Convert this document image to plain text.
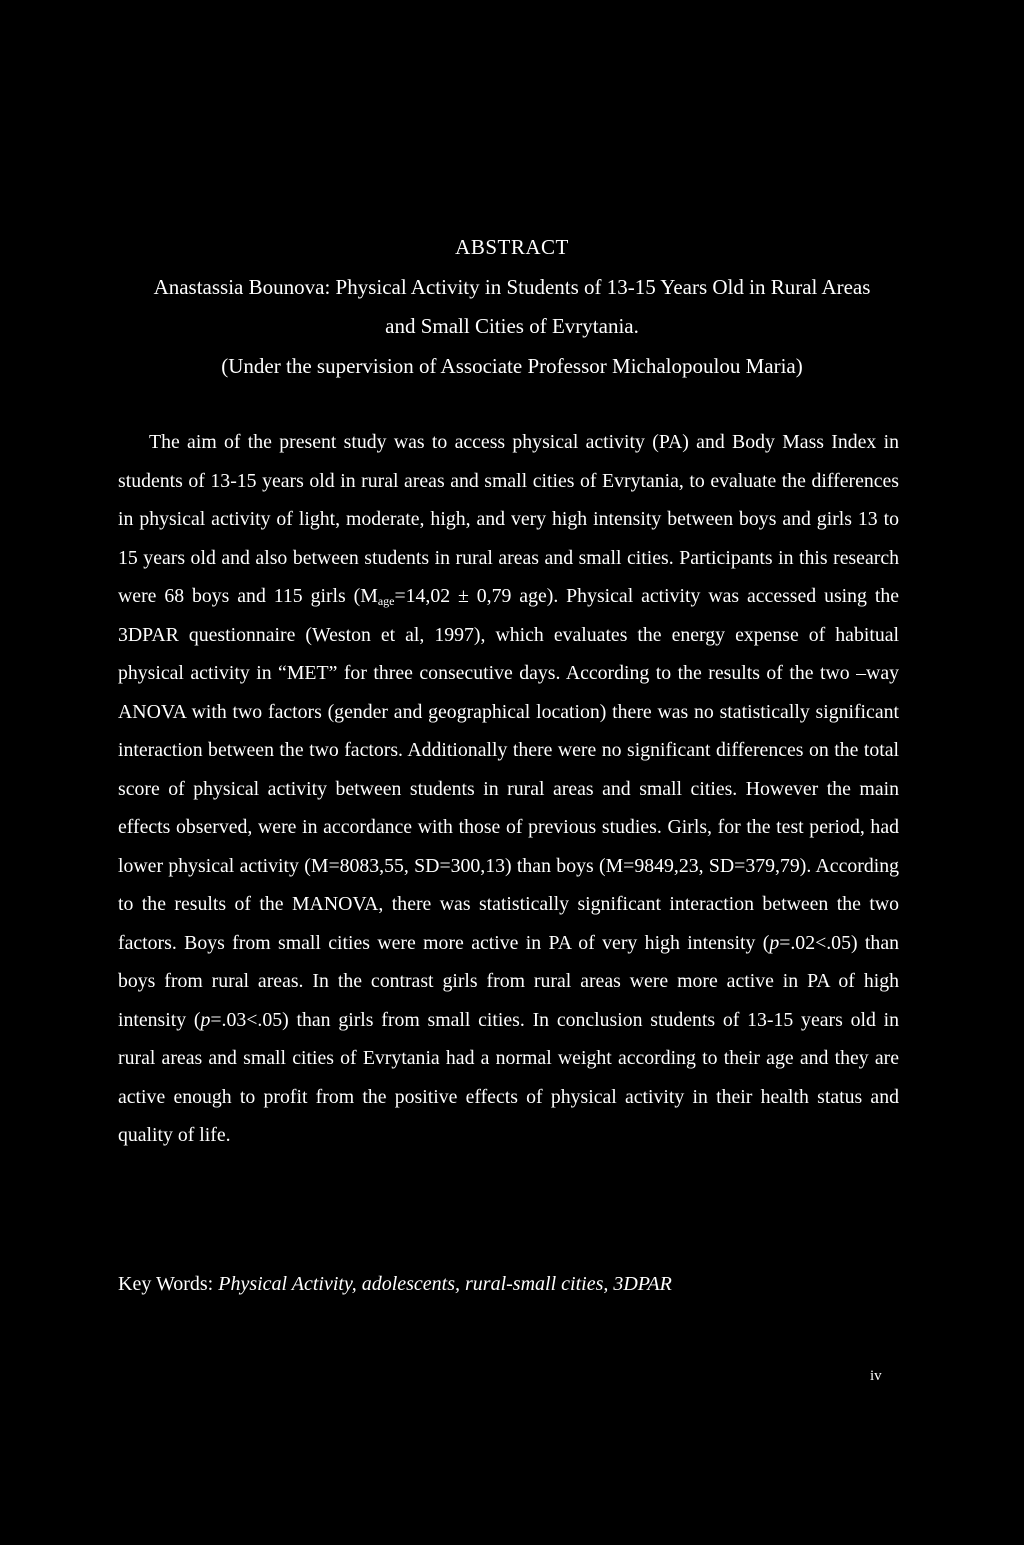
ABSTRACT
Anastassia Bounova: Physical Activity in Students of 13-15 Years Old in Rural Areas
and Small Cities of Evrytania.
(Under the supervision of Associate Professor Michalopoulou Maria)

The aim of the present study was to access physical activity (PA) and Body Mass Index in students of 13-15 years old in rural areas and small cities of Evrytania, to evaluate the differences in physical activity of light, moderate, high, and very high intensity between boys and girls 13 to 15 years old and also between students in rural areas and small cities. Participants in this research were 68 boys and 115 girls ($M_{age}=14,02 \pm 0,79$ age). Physical activity was accessed using the 3DPAR questionnaire (Weston et al, 1997), which evaluates the energy expense of habitual physical activity in “MET” for three consecutive days. According to the results of the two –way ANOVA with two factors (gender and geographical location) there was no statistically significant interaction between the two factors. Additionally there were no significant differences on the total score of physical activity between students in rural areas and small cities. However the main effects observed, were in accordance with those of previous studies. Girls, for the test period, had lower physical activity (M=8083,55, SD=300,13) than boys (M=9849,23, SD=379,79). According to the results of the MANOVA, there was statistically significant interaction between the two factors. Boys from small cities were more active in PA of very high intensity (p=.02<.05) than boys from rural areas. In the contrast girls from rural areas were more active in PA of high intensity (p=.03<.05) than girls from small cities. In conclusion students of 13-15 years old in rural areas and small cities of Evrytania had a normal weight according to their age and they are active enough to profit from the positive effects of physical activity in their health status and quality of life.

Key Words: Physical Activity, adolescents, rural-small cities, 3DPAR
iv
